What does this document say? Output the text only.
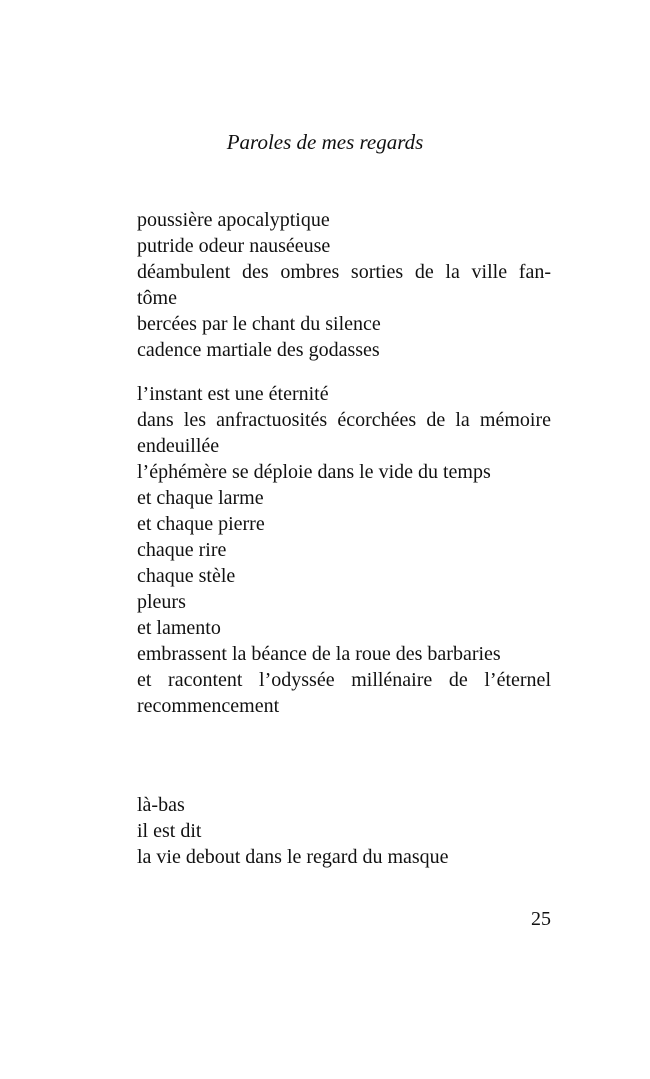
Paroles de mes regards
poussière apocalyptique
putride odeur nauséeuse
déambulent des ombres sorties de la ville fan-
tôme
bercées par le chant du silence
cadence martiale des godasses
l’instant est une éternité
dans les anfractuosités écorchées de la mémoire
endeuillée
l’éphémère se déploie dans le vide du temps
et chaque larme
et chaque pierre
chaque rire
chaque stèle
pleurs
et lamento
embrassent la béance de la roue des barbaries
et racontent l’odyssée millénaire de l’éternel
recommencement
là-bas
il est dit
la vie debout dans le regard du masque
25
